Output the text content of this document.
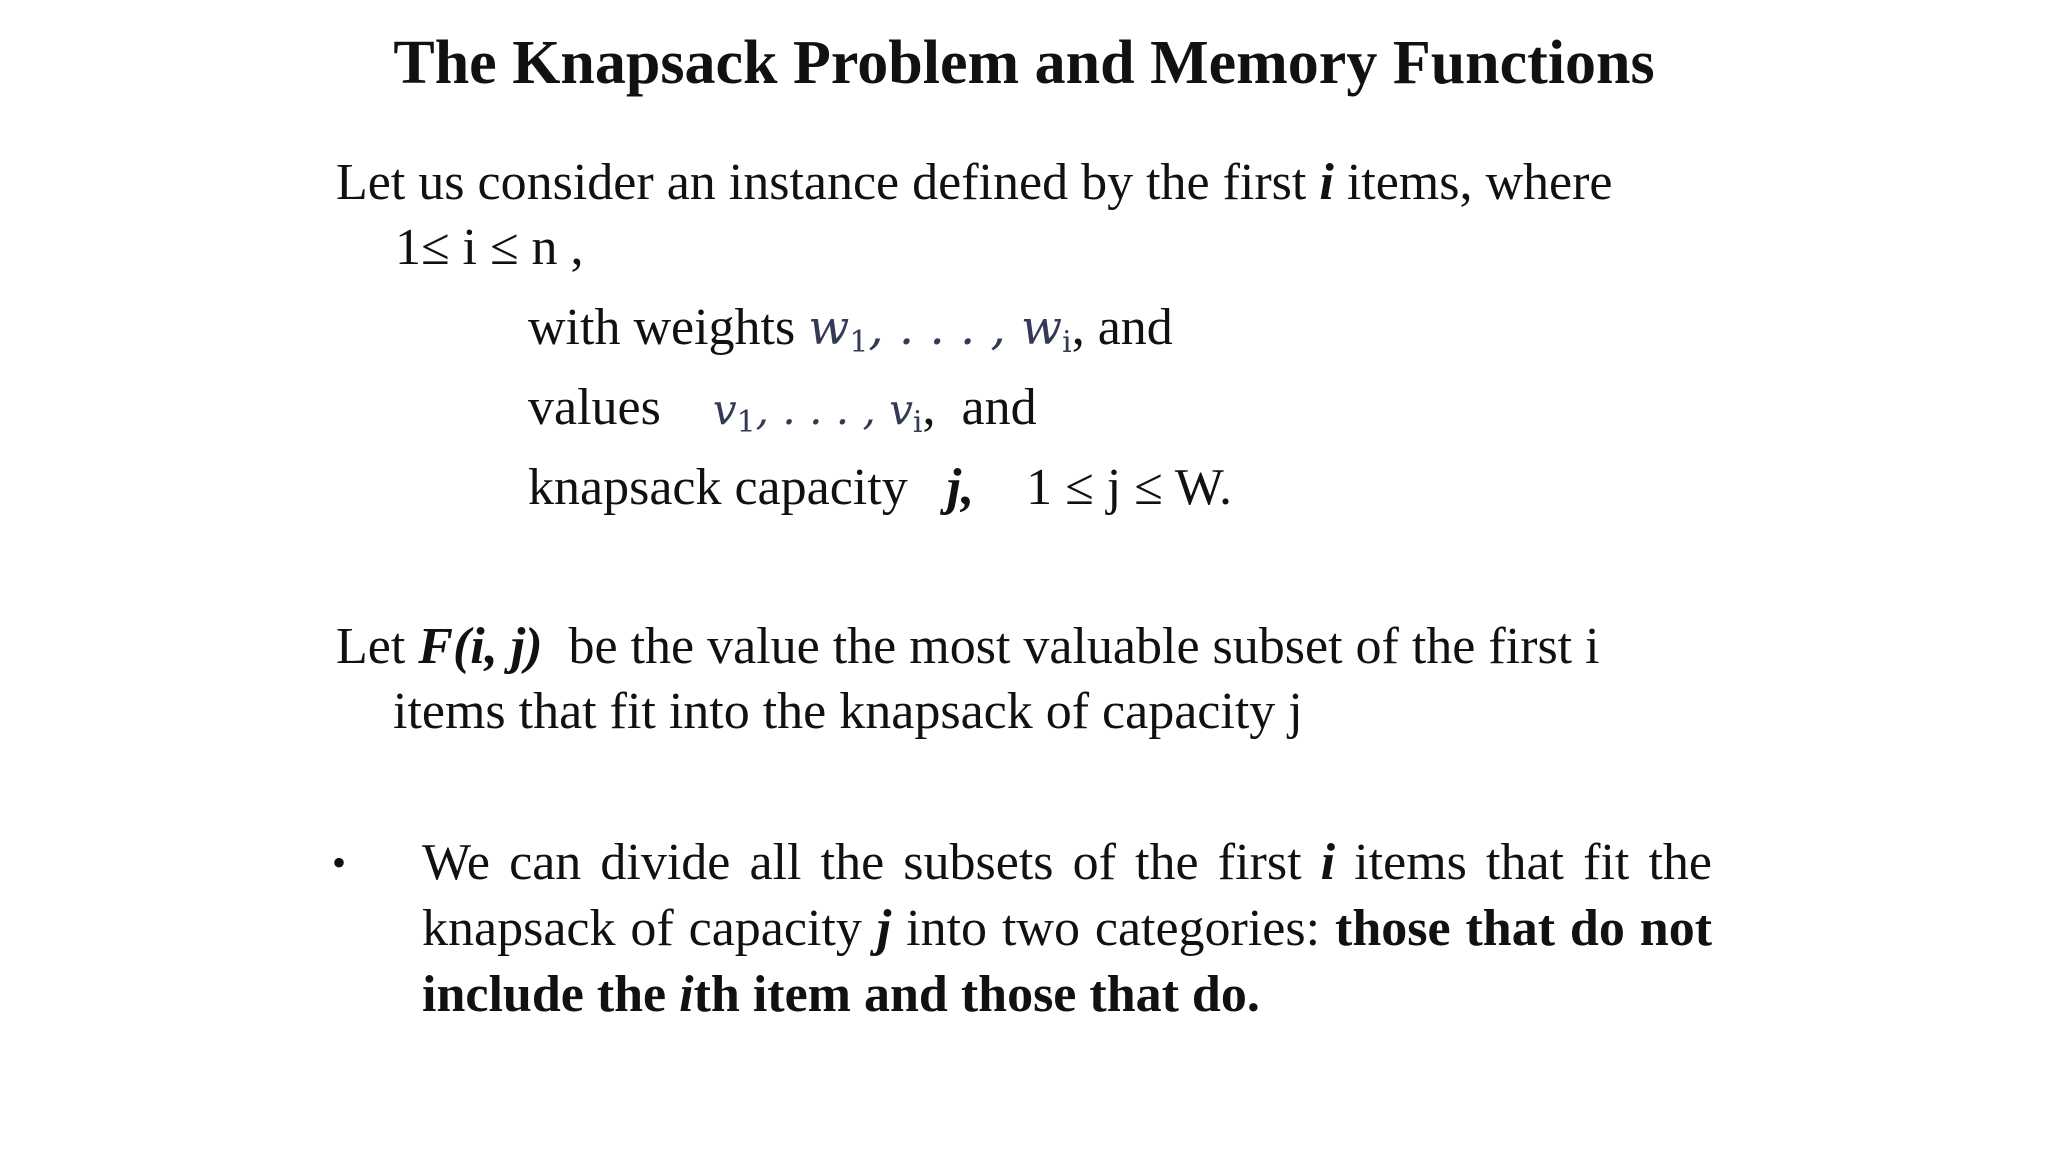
The Knapsack Problem and Memory Functions
Let us consider an instance defined by the first i items, where
1≤ i ≤ n ,
with weights $w_1$, . . . , $w_i$, and
values    $v_1$, . . . , $v_i$,  and
knapsack capacity   j,    1 ≤ j ≤ W.
Let F(i, j)  be the value the most valuable subset of the first i
items that fit into the knapsack of capacity j
• We can divide all the subsets of the first i items that fit the knapsack of capacity j into two categories: those that do not include the ith item and those that do.
